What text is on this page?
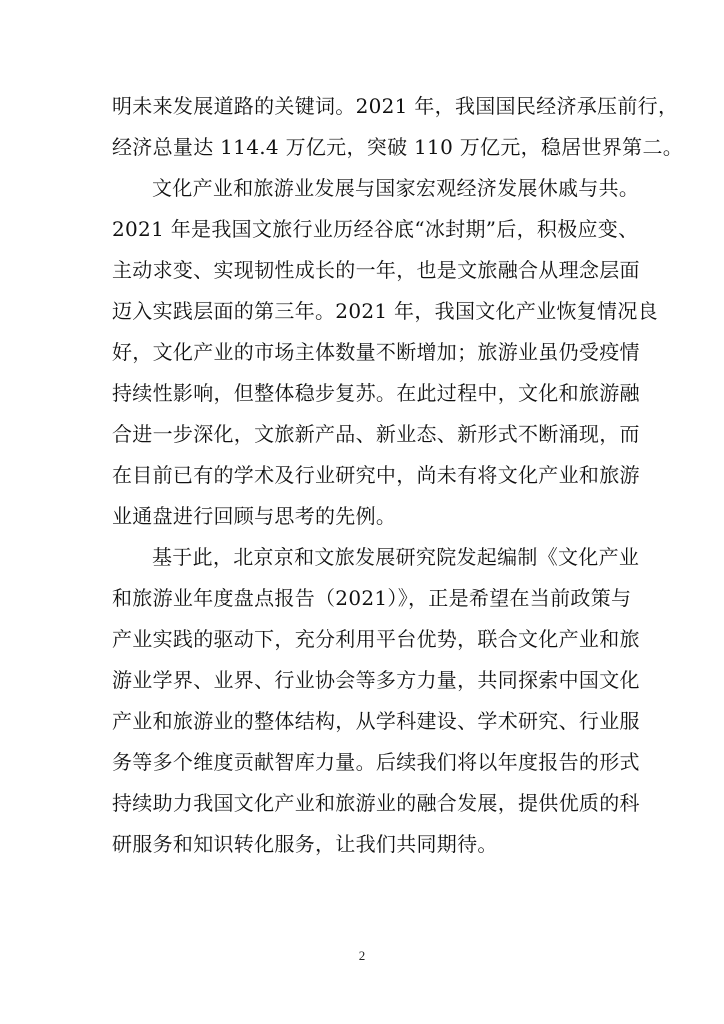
明未来发展道路的关键词。2021 年，我国国民经济承压前行，
经济总量达 114.4 万亿元，突破 110 万亿元，稳居世界第二。
文化产业和旅游业发展与国家宏观经济发展休戚与共。
2021 年是我国文旅行业历经谷底“冰封期”后，积极应变、
主动求变、实现韧性成长的一年，也是文旅融合从理念层面
迈入实践层面的第三年。2021 年，我国文化产业恢复情况良
好，文化产业的市场主体数量不断增加；旅游业虽仍受疫情
持续性影响，但整体稳步复苏。在此过程中，文化和旅游融
合进一步深化，文旅新产品、新业态、新形式不断涌现，而
在目前已有的学术及行业研究中，尚未有将文化产业和旅游
业通盘进行回顾与思考的先例。
基于此，北京京和文旅发展研究院发起编制《文化产业
和旅游业年度盘点报告（2021）》，正是希望在当前政策与
产业实践的驱动下，充分利用平台优势，联合文化产业和旅
游业学界、业界、行业协会等多方力量，共同探索中国文化
产业和旅游业的整体结构，从学科建设、学术研究、行业服
务等多个维度贡献智库力量。后续我们将以年度报告的形式
持续助力我国文化产业和旅游业的融合发展，提供优质的科
研服务和知识转化服务，让我们共同期待。
2
